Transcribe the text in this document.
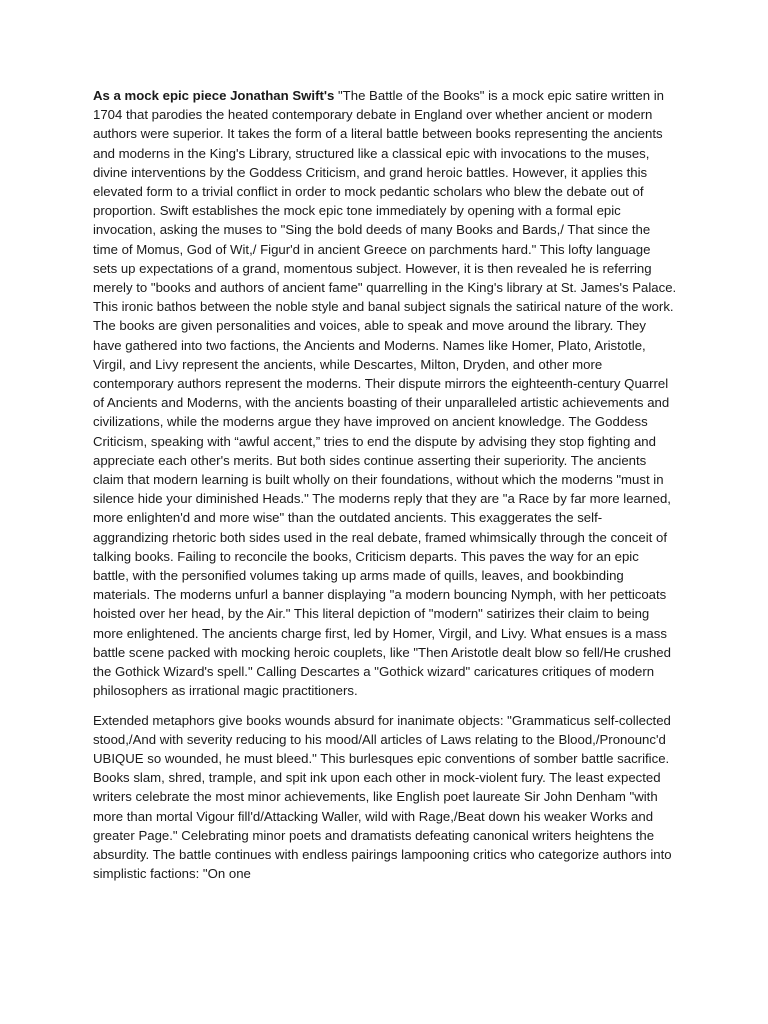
As a mock epic piece Jonathan Swift's "The Battle of the Books" is a mock epic satire written in 1704 that parodies the heated contemporary debate in England over whether ancient or modern authors were superior. It takes the form of a literal battle between books representing the ancients and moderns in the King's Library, structured like a classical epic with invocations to the muses, divine interventions by the Goddess Criticism, and grand heroic battles. However, it applies this elevated form to a trivial conflict in order to mock pedantic scholars who blew the debate out of proportion. Swift establishes the mock epic tone immediately by opening with a formal epic invocation, asking the muses to "Sing the bold deeds of many Books and Bards,/ That since the time of Momus, God of Wit,/ Figur'd in ancient Greece on parchments hard." This lofty language sets up expectations of a grand, momentous subject. However, it is then revealed he is referring merely to "books and authors of ancient fame" quarrelling in the King's library at St. James's Palace. This ironic bathos between the noble style and banal subject signals the satirical nature of the work. The books are given personalities and voices, able to speak and move around the library. They have gathered into two factions, the Ancients and Moderns. Names like Homer, Plato, Aristotle, Virgil, and Livy represent the ancients, while Descartes, Milton, Dryden, and other more contemporary authors represent the moderns. Their dispute mirrors the eighteenth-century Quarrel of Ancients and Moderns, with the ancients boasting of their unparalleled artistic achievements and civilizations, while the moderns argue they have improved on ancient knowledge. The Goddess Criticism, speaking with “awful accent,” tries to end the dispute by advising they stop fighting and appreciate each other's merits. But both sides continue asserting their superiority. The ancients claim that modern learning is built wholly on their foundations, without which the moderns "must in silence hide your diminished Heads." The moderns reply that they are "a Race by far more learned, more enlighten'd and more wise" than the outdated ancients. This exaggerates the self-aggrandizing rhetoric both sides used in the real debate, framed whimsically through the conceit of talking books. Failing to reconcile the books, Criticism departs. This paves the way for an epic battle, with the personified volumes taking up arms made of quills, leaves, and bookbinding materials. The moderns unfurl a banner displaying "a modern bouncing Nymph, with her petticoats hoisted over her head, by the Air." This literal depiction of "modern" satirizes their claim to being more enlightened. The ancients charge first, led by Homer, Virgil, and Livy. What ensues is a mass battle scene packed with mocking heroic couplets, like "Then Aristotle dealt blow so fell/He crushed the Gothick Wizard's spell." Calling Descartes a "Gothick wizard" caricatures critiques of modern philosophers as irrational magic practitioners.

Extended metaphors give books wounds absurd for inanimate objects: "Grammaticus self-collected stood,/And with severity reducing to his mood/All articles of Laws relating to the Blood,/Pronounc'd UBIQUE so wounded, he must bleed." This burlesques epic conventions of somber battle sacrifice. Books slam, shred, trample, and spit ink upon each other in mock-violent fury. The least expected writers celebrate the most minor achievements, like English poet laureate Sir John Denham "with more than mortal Vigour fill'd/Attacking Waller, wild with Rage,/Beat down his weaker Works and greater Page." Celebrating minor poets and dramatists defeating canonical writers heightens the absurdity. The battle continues with endless pairings lampooning critics who categorize authors into simplistic factions: "On one
